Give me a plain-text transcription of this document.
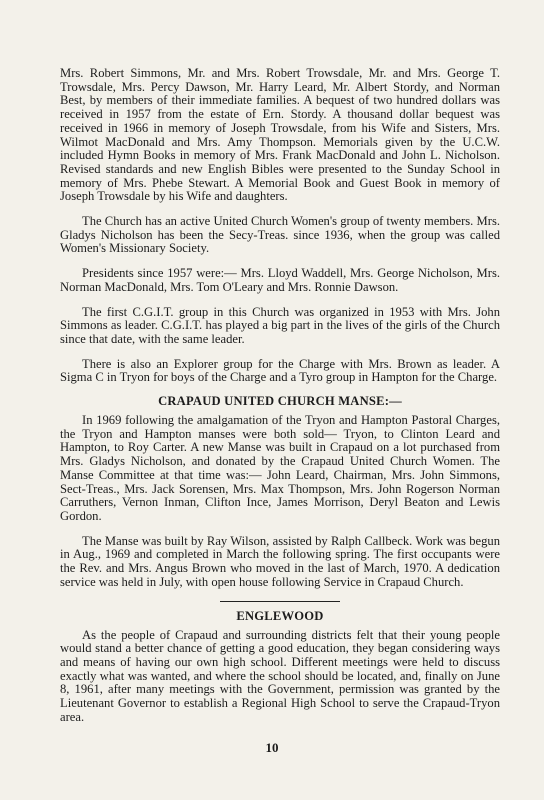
Mrs. Robert Simmons, Mr. and Mrs. Robert Trowsdale, Mr. and Mrs. George T. Trowsdale, Mrs. Percy Dawson, Mr. Harry Leard, Mr. Albert Stordy, and Norman Best, by members of their immediate families. A bequest of two hundred dollars was received in 1957 from the estate of Ern. Stordy. A thousand dollar bequest was received in 1966 in memory of Joseph Trowsdale, from his Wife and Sisters, Mrs. Wilmot MacDonald and Mrs. Amy Thompson. Memorials given by the U.C.W. included Hymn Books in memory of Mrs. Frank MacDonald and John L. Nicholson. Revised standards and new English Bibles were presented to the Sunday School in memory of Mrs. Phebe Stewart. A Memorial Book and Guest Book in memory of Joseph Trowsdale by his Wife and daughters.

The Church has an active United Church Women's group of twenty members. Mrs. Gladys Nicholson has been the Secy-Treas. since 1936, when the group was called Women's Missionary Society.

Presidents since 1957 were:— Mrs. Lloyd Waddell, Mrs. George Nicholson, Mrs. Norman MacDonald, Mrs. Tom O'Leary and Mrs. Ronnie Dawson.

The first C.G.I.T. group in this Church was organized in 1953 with Mrs. John Simmons as leader. C.G.I.T. has played a big part in the lives of the girls of the Church since that date, with the same leader.

There is also an Explorer group for the Charge with Mrs. Brown as leader. A Sigma C in Tryon for boys of the Charge and a Tyro group in Hampton for the Charge.

CRAPAUD UNITED CHURCH MANSE:—

In 1969 following the amalgamation of the Tryon and Hampton Pastoral Charges, the Tryon and Hampton manses were both sold— Tryon, to Clinton Leard and Hampton, to Roy Carter. A new Manse was built in Crapaud on a lot purchased from Mrs. Gladys Nicholson, and donated by the Crapaud United Church Women. The Manse Committee at that time was:— John Leard, Chairman, Mrs. John Simmons, Sect-Treas., Mrs. Jack Sorensen, Mrs. Max Thompson, Mrs. John Rogerson Norman Carruthers, Vernon Inman, Clifton Ince, James Morrison, Deryl Beaton and Lewis Gordon.

The Manse was built by Ray Wilson, assisted by Ralph Callbeck. Work was begun in Aug., 1969 and completed in March the following spring. The first occupants were the Rev. and Mrs. Angus Brown who moved in the last of March, 1970. A dedication service was held in July, with open house following Service in Crapaud Church.

ENGLEWOOD

As the people of Crapaud and surrounding districts felt that their young people would stand a better chance of getting a good education, they began considering ways and means of having our own high school. Different meetings were held to discuss exactly what was wanted, and where the school should be located, and, finally on June 8, 1961, after many meetings with the Government, permission was granted by the Lieutenant Governor to establish a Regional High School to serve the Crapaud-Tryon area.

10
